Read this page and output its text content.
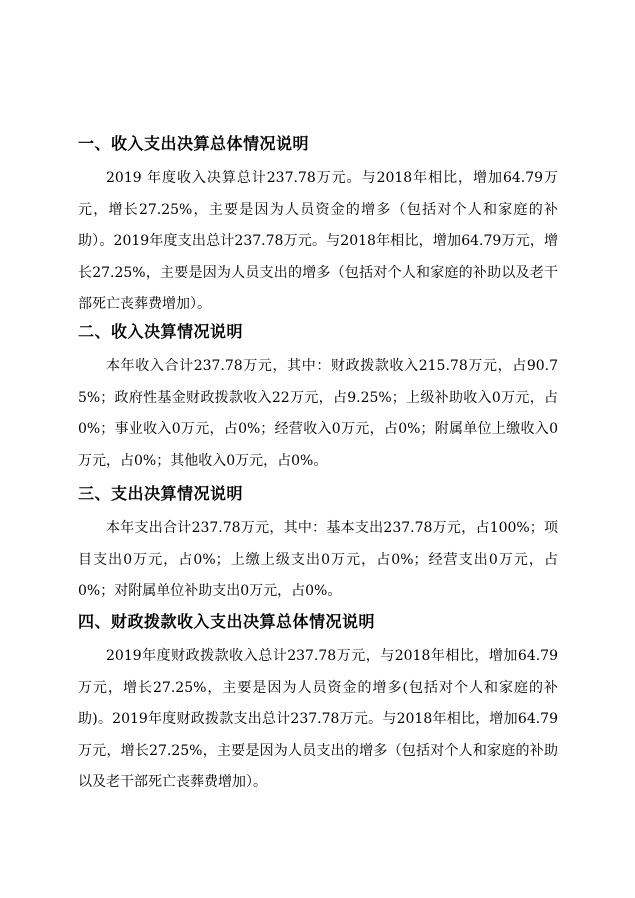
一、收入支出决算总体情况说明

2019 年度收入决算总计237.78万元。与2018年相比，增加64.79万元，增长27.25%，主要是因为人员资金的增多（包括对个人和家庭的补助）。2019年度支出总计237.78万元。与2018年相比，增加64.79万元，增长27.25%，主要是因为人员支出的增多（包括对个人和家庭的补助以及老干部死亡丧葬费增加）。

二、收入决算情况说明

本年收入合计237.78万元，其中：财政拨款收入215.78万元，占90.75%；政府性基金财政拨款收入22万元，占9.25%；上级补助收入0万元，占0%；事业收入0万元，占0%；经营收入0万元，占0%；附属单位上缴收入0万元，占0%；其他收入0万元，占0%。

三、支出决算情况说明

本年支出合计237.78万元，其中：基本支出237.78万元，占100%；项目支出0万元，占0%；上缴上级支出0万元，占0%；经营支出0万元，占0%；对附属单位补助支出0万元，占0%。

四、财政拨款收入支出决算总体情况说明

2019年度财政拨款收入总计237.78万元，与2018年相比，增加64.79万元，增长27.25%，主要是因为人员资金的增多(包括对个人和家庭的补助)。2019年度财政拨款支出总计237.78万元。与2018年相比，增加64.79万元，增长27.25%，主要是因为人员支出的增多（包括对个人和家庭的补助以及老干部死亡丧葬费增加）。
